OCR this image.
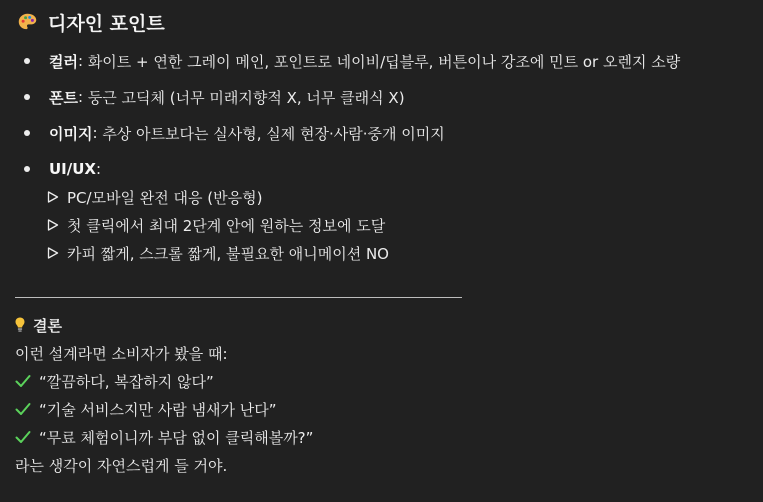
디자인 포인트
컬러 : 화이트 + 연한 그레이 메인, 포인트로 네이비/딥블루, 버튼이나 강조에 민트 or 오렌지 소량
폰트 : 둥근 고딕체 (너무 미래지향적 X, 너무 클래식 X)
이미지 : 추상 아트보다는 실사형, 실제 현장·사람·중개 이미지
UI/UX :
PC/모바일 완전 대응 (반응형)
첫 클릭에서 최대 2단계 안에 원하는 정보에 도달
카피 짧게, 스크롤 짧게, 불필요한 애니메이션 NO
결론
이런 설계라면 소비자가 봤을 때:
“깔끔하다, 복잡하지 않다”
“기술 서비스지만 사람 냄새가 난다”
“무료 체험이니까 부담 없이 클릭해볼까?”
라는 생각이 자연스럽게 들 거야.
